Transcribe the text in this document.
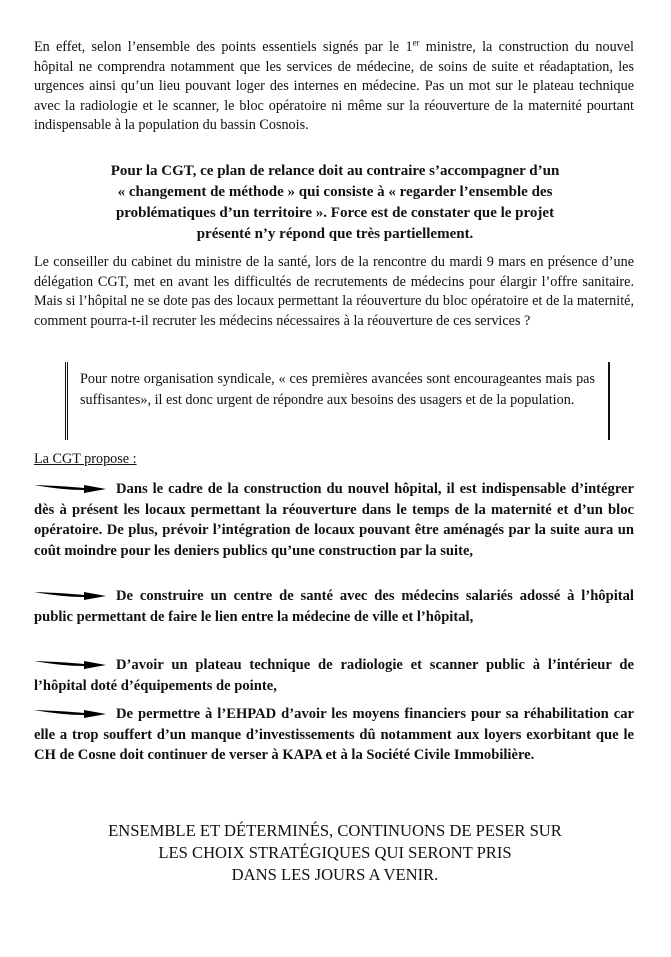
En effet, selon l’ensemble des points essentiels signés par le 1er ministre, la construction du nouvel hôpital ne comprendra notamment que les services de médecine, de soins de suite et réadaptation, les urgences ainsi qu’un lieu pouvant loger des internes en médecine. Pas un mot sur le plateau technique avec la radiologie et le scanner, le bloc opératoire ni même sur la réouverture de la maternité pourtant indispensable à la population du bassin Cosnois.
Pour la CGT, ce plan de relance doit au contraire s’accompagner d’un
« changement de méthode » qui consiste à « regarder l’ensemble des
problématiques d’un territoire ». Force est de constater que le projet
présenté n’y répond que très partiellement.
Le conseiller du cabinet du ministre de la santé, lors de la rencontre du mardi 9 mars en présence d’une délégation CGT, met en avant les difficultés de recrutements de médecins pour élargir l’offre sanitaire. Mais si l’hôpital ne se dote pas des locaux permettant la réouverture du bloc opératoire et de la maternité, comment pourra-t-il recruter les médecins nécessaires à la réouverture de ces services ?
Pour notre organisation syndicale, « ces premières avancées sont encourageantes mais pas suffisantes», il est donc urgent de répondre aux besoins des usagers et de la population.
La CGT propose :
Dans le cadre de la construction du nouvel hôpital, il est indispensable d’intégrer dès à présent les locaux permettant la réouverture dans le temps de la maternité et d’un bloc opératoire. De plus, prévoir l’intégration de locaux pouvant être aménagés par la suite aura un coût moindre pour les deniers publics qu’une construction par la suite,
De construire un centre de santé avec des médecins salariés adossé à l’hôpital public permettant de faire le lien entre la médecine de ville et l’hôpital,
D’avoir un plateau technique de radiologie et scanner public à l’intérieur de l’hôpital doté d’équipements de pointe,
De permettre à l’EHPAD d’avoir les moyens financiers pour sa réhabilitation car elle a trop souffert d’un manque d’investissements dû notamment aux loyers exorbitant que le CH de Cosne doit continuer de verser à KAPA et à la Société Civile Immobilière.
ENSEMBLE ET DÉTERMINÉS, CONTINUONS DE PESER SUR
LES CHOIX STRATÉGIQUES QUI SERONT PRIS
DANS LES JOURS A VENIR.
